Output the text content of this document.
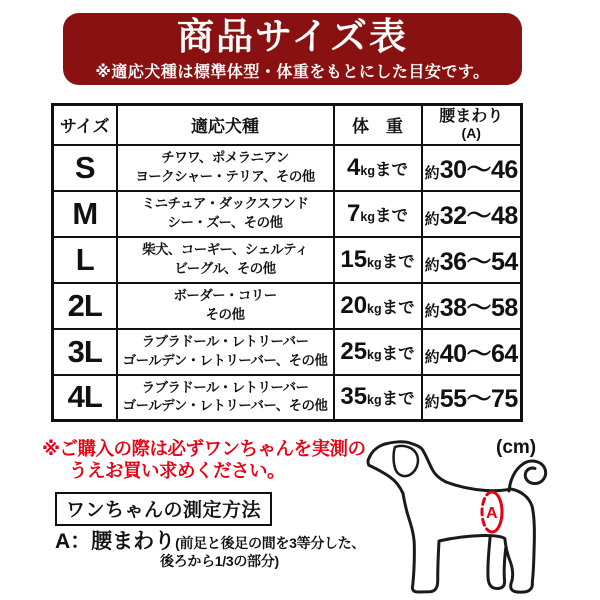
商品サイズ表
※適応犬種は標準体型・体重をもとにした目安です。
サイズ	適応犬種	体　重	腰まわり
(A)

S	チワワ、ポメラニアン
ヨークシャー・テリア、その他	4kgまで	約30〜46
M	ミニチュア・ダックスフンド
シー・ズー、その他	7kgまで	約32〜48
L	柴犬、コーギー、シェルティ
ビーグル、その他	15kgまで	約36〜54
2L	ボーダー・コリー
その他	20kgまで	約38〜58
3L	ラブラドール・レトリーバー
ゴールデン・レトリーバー、その他	25kgまで	約40〜64
4L	ラブラドール・レトリーバー
ゴールデン・レトリーバー、その他	35kgまで	約55〜75
※ご購入の際は必ずワンちゃんを実測の
うえお買い求めください。
(cm)
ワンちゃんの測定方法
A：腰まわり (前足と後足の間を3等分した、
後ろから1/3の部分)
A
